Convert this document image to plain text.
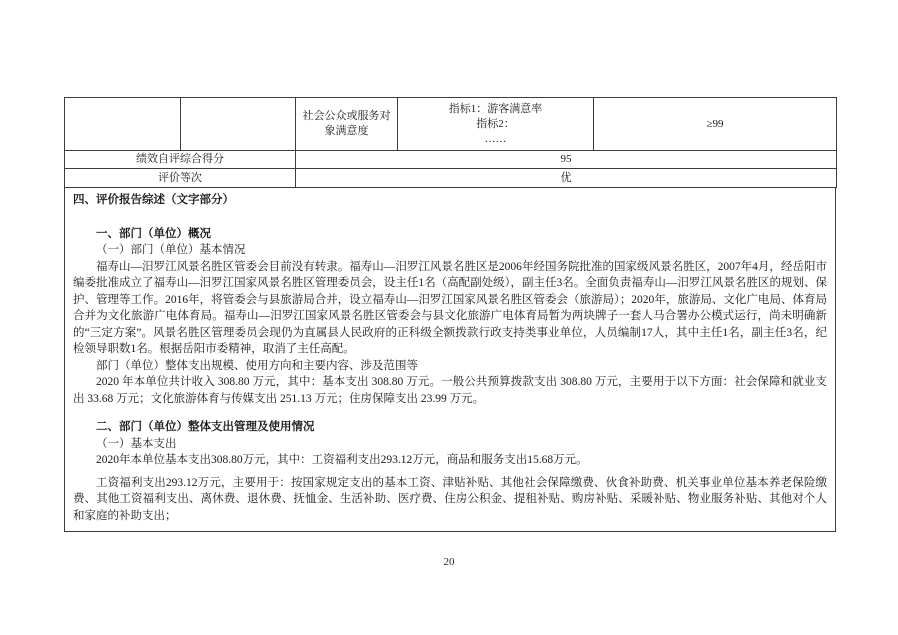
		社会公众或服务对象满意度	指标1：游客满意率
指标2：
……	≥99
绩效自评综合得分		95		
评价等次		优		
四、评价报告综述（文字部分）
一、部门（单位）概况
（一）部门（单位）基本情况
福寿山—汨罗江风景名胜区管委会目前没有转隶。福寿山—汨罗江风景名胜区是2006年经国务院批准的国家级风景名胜区，2007年4月，经岳阳市编委批准成立了福寿山—汨罗江国家风景名胜区管理委员会，设主任1名（高配副处级），副主任3名。全面负责福寿山—汨罗江风景名胜区的规划、保护、管理等工作。2016年，将管委会与县旅游局合并，设立福寿山—汨罗江国家风景名胜区管委会（旅游局）；2020年，旅游局、文化广电局、体育局合并为文化旅游广电体育局。福寿山—汨罗江国家风景名胜区管委会与县文化旅游广电体育局暂为两块牌子一套人马合署办公模式运行，尚未明确新的“三定方案”。风景名胜区管理委员会现仍为直属县人民政府的正科级全额拨款行政支持类事业单位，人员编制17人，其中主任1名，副主任3名，纪检领导职数1名。根据岳阳市委精神，取消了主任高配。
部门（单位）整体支出规模、使用方向和主要内容、涉及范围等
2020 年本单位共计收入 308.80 万元，其中：基本支出 308.80 万元。一般公共预算拨款支出 308.80 万元，主要用于以下方面：社会保障和就业支出 33.68 万元；文化旅游体育与传媒支出 251.13 万元；住房保障支出 23.99 万元。
二、部门（单位）整体支出管理及使用情况
（一）基本支出
2020年本单位基本支出308.80万元，其中：工资福利支出293.12万元，商品和服务支出15.68万元。
工资福利支出293.12万元，主要用于：按国家规定支出的基本工资、津贴补贴、其他社会保障缴费、伙食补助费、机关事业单位基本养老保险缴费、其他工资福利支出、离休费、退休费、抚恤金、生活补助、医疗费、住房公积金、提租补贴、购房补贴、采暖补贴、物业服务补贴、其他对个人和家庭的补助支出；
20
